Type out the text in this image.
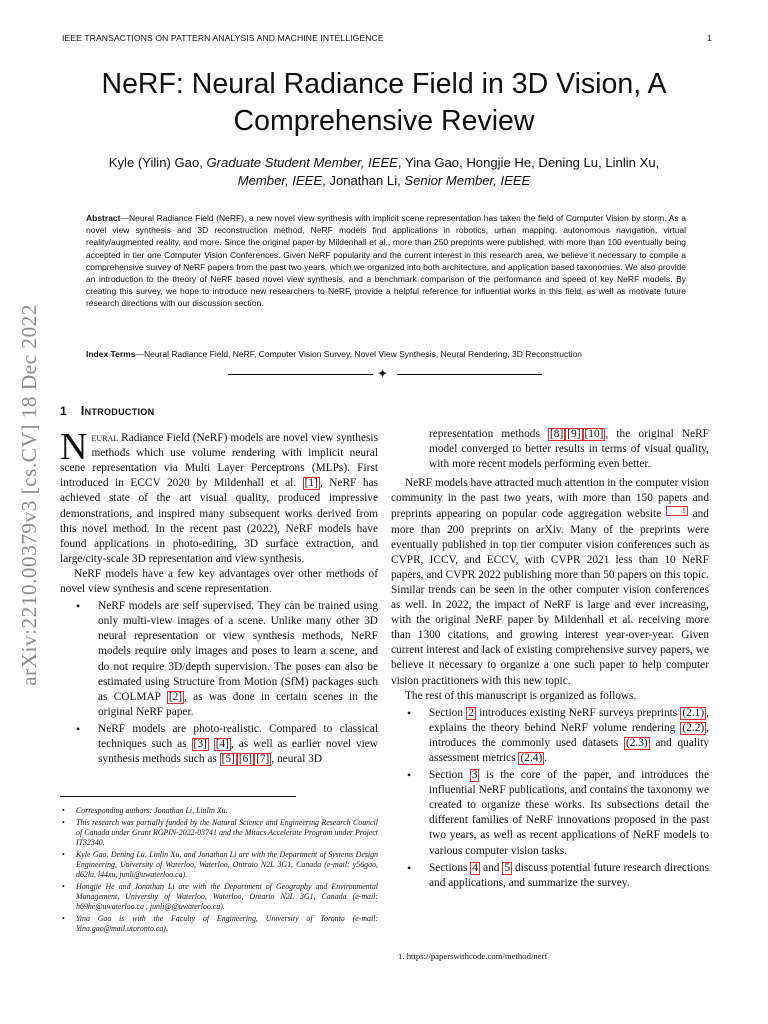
IEEE TRANSACTIONS ON PATTERN ANALYSIS AND MACHINE INTELLIGENCE	1
arXiv:2210.00379v3 [cs.CV] 18 Dec 2022
NeRF: Neural Radiance Field in 3D Vision, A Comprehensive Review
Kyle (Yilin) Gao, Graduate Student Member, IEEE, Yina Gao, Hongjie He, Dening Lu, Linlin Xu, Member, IEEE, Jonathan Li, Senior Member, IEEE
Abstract—Neural Radiance Field (NeRF), a new novel view synthesis with implicit scene representation has taken the field of Computer Vision by storm. As a novel view synthesis and 3D reconstruction method, NeRF models find applications in robotics, urban mapping, autonomous navigation, virtual reality/augmented reality, and more. Since the original paper by Mildenhall et al., more than 250 preprints were published, with more than 100 eventually being accepted in tier one Computer Vision Conferences. Given NeRF popularity and the current interest in this research area, we believe it necessary to compile a comprehensive survey of NeRF papers from the past two years, which we organized into both architecture, and application based taxonomies. We also provide an introduction to the theory of NeRF based novel view synthesis, and a benchmark comparison of the performance and speed of key NeRF models. By creating this survey, we hope to introduce new researchers to NeRF, provide a helpful reference for influential works in this field, as well as motivate future research directions with our discussion section.
Index Terms—Neural Radiance Field, NeRF, Computer Vision Survey, Novel View Synthesis, Neural Rendering, 3D Reconstruction
✦
1 Introduction

Neural Radiance Field (NeRF) models are novel view synthesis methods which use volume rendering with implicit neural scene representation via Multi Layer Perceptrons (MLPs). First introduced in ECCV 2020 by Mildenhall et al. [1] , NeRF has achieved state of the art visual quality, produced impressive demonstrations, and inspired many subsequent works derived from this novel method. In the recent past (2022), NeRF models have found applications in photo-editing, 3D surface extraction, and large/city-scale 3D representation and view synthesis.

NeRF models have a few key advantages over other methods of novel view synthesis and scene representation.

• NeRF models are self supervised. They can be trained using only multi-view images of a scene. Unlike many other 3D neural representation or view synthesis methods, NeRF models require only images and poses to learn a scene, and do not require 3D/depth supervision. The poses can also be estimated using Structure from Motion (SfM) packages such as COLMAP [2] , as was done in certain scenes in the original NeRF paper.
• NeRF models are photo-realistic. Compared to classical techniques such as [3] [4] , as well as earlier novel view synthesis methods such as [5] [6] [7] , neural 3D
• Corresponding authors: Jonathan Li, Linlin Xu.
• This research was partially funded by the Natural Science and Engineering Research Council of Canada under Grant RGPIN-2022-03741 and the Mitacs Accelerate Program under Project IT32340.
• Kyle Gao, Dening Lu, Linlin Xu, and Jonathan Li are with the Department of Systems Design Engineering, University of Waterloo, Waterloo, Ontraio N2L 3G1, Canada (e-mail: y56gao, d62lu, l44xu, junli@uwaterloo.ca).
• Hongjie He and Jonathan Li are with the Department of Geography and Environmental Management, University of Waterloo, Waterloo, Ontario N2L 3G1, Canada (e-mail: h69he@uwaterloo.ca , junli@@uwaterloo.ca).
• Yina Gao is with the Faculty of Engineering, University of Toronto (e-mail: Yina.gao@mail.utoronto.ca).
representation methods [8] [9] [10] , the original NeRF model converged to better results in terms of visual quality, with more recent models performing even better.

NeRF models have attracted much attention in the computer vision community in the past two years, with more than 150 papers and preprints appearing on popular code aggregation website 1 and more than 200 preprints on arXiv. Many of the preprints were eventually published in top tier computer vision conferences such as CVPR, ICCV, and ECCV, with CVPR 2021 less than 10 NeRF papers, and CVPR 2022 publishing more than 50 papers on this topic. Similar trends can be seen in the other computer vision conferences as well. In 2022, the impact of NeRF is large and ever increasing, with the original NeRF paper by Mildenhall et al. receiving more than 1300 citations, and growing interest year-over-year. Given current interest and lack of existing comprehensive survey papers, we believe it necessary to organize a one such paper to help computer vision practitioners with this new topic.

The rest of this manuscript is organized as follows.

• Section 2 introduces existing NeRF surveys preprints (2.1) , explains the theory behind NeRF volume rendering (2.2) , introduces the commonly used datasets (2.3) and quality assessment metrics (2.4) .
• Section 3 is the core of the paper, and introduces the influential NeRF publications, and contains the taxonomy we created to organize these works. Its subsections detail the different families of NeRF innovations proposed in the past two years, as well as recent applications of NeRF models to various computer vision tasks.
• Sections 4 and 5 discuss potential future research directions and applications, and summarize the survey.
1. https://paperswithcode.com/method/nerf
